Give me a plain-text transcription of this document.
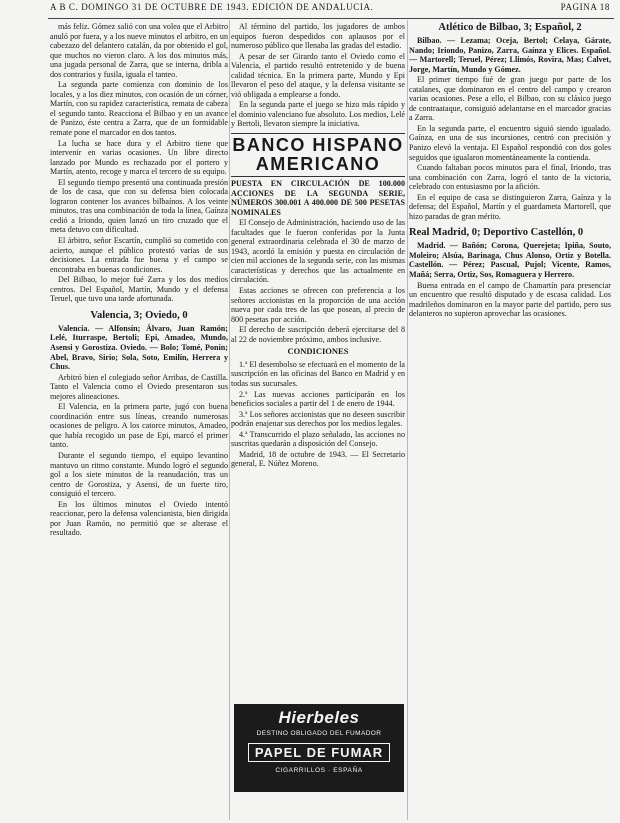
A B C. DOMINGO 31 DE OCTUBRE DE 1943. EDICIÓN DE ANDALUCIA.	PAGINA 18

más feliz. Gómez salió con una volea que el Arbitro anuló por fuera, y a los nueve minutos el arbitro, en un cabezazo del delantero catalán, da por obtenido el gol, que muchos no vieron claro. A los dos minutos más, una jugada personal de Zarra, que se interna, dribla a dos contrarios y fusila, iguala el tanteo.

La segunda parte comienza con dominio de los locales, y a los diez minutos, con ocasión de un córner, Martín, con su rapidez característica, remata de cabeza el segundo tanto. Reacciona el Bilbao y en un avance de Panizo, éste centra a Zarra, que de un formidable remate pone el marcador en dos tantos.

La lucha se hace dura y el Arbitro tiene que intervenir en varias ocasiones. Un libre directo lanzado por Mundo es rechazado por el portero y Martín, atento, recoge y marca el tercero de su equipo.

El segundo tiempo presentó una continuada presión de los de casa, que con su defensa bien colocada lograron contener los avances bilbaínos. A los veinte minutos, tras una combinación de toda la línea, Gaínza cedió a Iriondo, quien lanzó un tiro cruzado que el meta detuvo con dificultad.

El árbitro, señor Escartín, cumplió su cometido con acierto, aunque el público protestó varias de sus decisiones. La entrada fue buena y el campo se encontraba en buenas condiciones.

Del Bilbao, lo mejor fué Zarra y los dos medios centros. Del Español, Martín, Mundo y el defensa Teruel, que tuvo una tarde afortunada.

Valencia, 3; Oviedo, 0

Valencia. — Alfonsín; Álvaro, Juan Ramón; Lelé, Iturraspe, Bertoli; Epi, Amadeo, Mundo, Asensi y Gorostiza. Oviedo. — Bolo; Tomé, Ponín; Abel, Bravo, Sirio; Sola, Soto, Emilín, Herrera y Chus.

Arbitró bien el colegiado señor Arribas, de Castilla. Tanto el Valencia como el Oviedo presentaron sus mejores alineaciones.

El Valencia, en la primera parte, jugó con buena coordinación entre sus líneas, creando numerosas ocasiones de peligro. A los catorce minutos, Amadeo, que había recogido un pase de Epi, marcó el primer tanto.

Durante el segundo tiempo, el equipo levantino mantuvo un ritmo constante. Mundo logró el segundo gol a los siete minutos de la reanudación, tras un centro de Gorostiza, y Asensi, de un fuerte tiro, consiguió el tercero.

En los últimos minutos el Oviedo intentó reaccionar, pero la defensa valencianista, bien dirigida por Juan Ramón, no permitió que se alterase el resultado.

Al término del partido, los jugadores de ambos equipos fueron despedidos con aplausos por el numeroso público que llenaba las gradas del estadio.

A pesar de ser Girardo tanto el Oviedo como el Valencia, el partido resultó entretenido y de buena calidad técnica. En la primera parte, Mundo y Epi llevaron el peso del ataque, y la defensa visitante se vió obligada a emplearse a fondo.

En la segunda parte el juego se hizo más rápido y el dominio valenciano fue absoluto. Los medios, Lelé y Bertoli, llevaron siempre la iniciativa.

BANCO HISPANO AMERICANO

PUESTA EN CIRCULACIÓN DE 100.000 ACCIONES DE LA SEGUNDA SERIE, NÚMEROS 300.001 A 400.000 DE 500 PESETAS NOMINALES

El Consejo de Administración, haciendo uso de las facultades que le fueron conferidas por la Junta general extraordinaria celebrada el 30 de marzo de 1943, acordó la emisión y puesta en circulación de cien mil acciones de la segunda serie, con las mismas características y derechos que las actualmente en circulación.

Estas acciones se ofrecen con preferencia a los señores accionistas en la proporción de una acción nueva por cada tres de las que posean, al precio de 800 pesetas por acción.

El derecho de suscripción deberá ejercitarse del 8 al 22 de noviembre próximo, ambos inclusive.

CONDICIONES

1.ª El desembolso se efectuará en el momento de la suscripción en las oficinas del Banco en Madrid y en todas sus sucursales.

2.ª Las nuevas acciones participarán en los beneficios sociales a partir del 1 de enero de 1944.

3.ª Los señores accionistas que no deseen suscribir podrán enajenar sus derechos por los medios legales.

4.ª Transcurrido el plazo señalado, las acciones no suscritas quedarán a disposición del Consejo.

Madrid, 18 de octubre de 1943. — El Secretario general, E. Núñez Moreno.

Hierbeles
DESTINO OBLIGADO DEL FUMADOR
PAPEL DE FUMAR
CIGARRILLOS · ESPAÑA

Atlético de Bilbao, 3; Español, 2

Bilbao. — Lezama; Oceja, Bertol; Celaya, Gárate, Nando; Iriondo, Panizo, Zarra, Gaínza y Elices. Español. — Martorell; Teruel, Pérez; Llimós, Rovira, Mas; Calvet, Jorge, Martín, Mundo y Gómez.

El primer tiempo fué de gran juego por parte de los catalanes, que dominaron en el centro del campo y crearon varias ocasiones. Pese a ello, el Bilbao, con su clásico juego de contraataque, consiguió adelantarse en el marcador gracias a Zarra.

En la segunda parte, el encuentro siguió siendo igualado. Gaínza, en una de sus incursiones, centró con precisión y Panizo elevó la ventaja. El Español respondió con dos goles seguidos que igualaron momentáneamente la contienda.

Cuando faltaban pocos minutos para el final, Iriondo, tras una combinación con Zarra, logró el tanto de la victoria, celebrado con entusiasmo por la afición.

En el equipo de casa se distinguieron Zarra, Gaínza y la defensa; del Español, Martín y el guardameta Martorell, que hizo paradas de gran mérito.

Real Madrid, 0; Deportivo Castellón, 0

Madrid. — Bañón; Corona, Querejeta; Ipiña, Souto, Moleiro; Alsúa, Barinaga, Chus Alonso, Ortiz y Botella. Castellón. — Pérez; Pascual, Pujol; Vicente, Ramos, Mañá; Serra, Ortiz, Sos, Romaguera y Herrero.

Buena entrada en el campo de Chamartín para presenciar un encuentro que resultó disputado y de escasa calidad. Los madrileños dominaron en la mayor parte del partido, pero sus delanteros no supieron aprovechar las ocasiones.
